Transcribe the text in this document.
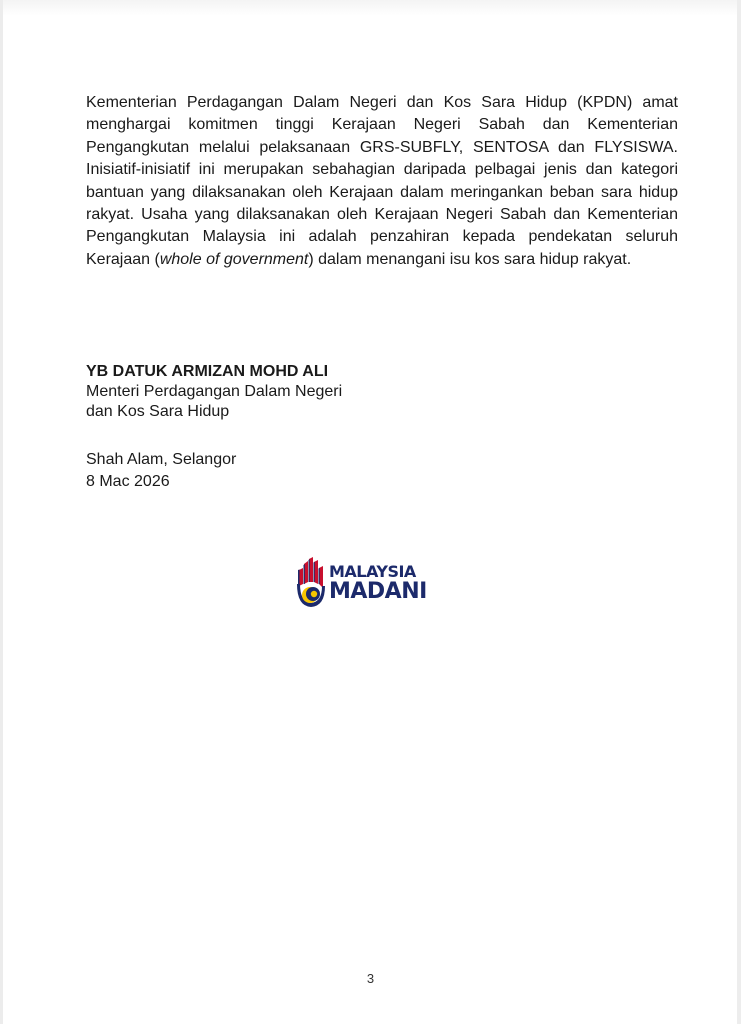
Kementerian Perdagangan Dalam Negeri dan Kos Sara Hidup (KPDN) amat menghargai komitmen tinggi Kerajaan Negeri Sabah dan Kementerian Pengangkutan melalui pelaksanaan GRS-SUBFLY, SENTOSA dan FLYSISWA. Inisiatif-inisiatif ini merupakan sebahagian daripada pelbagai jenis dan kategori bantuan yang dilaksanakan oleh Kerajaan dalam meringankan beban sara hidup rakyat. Usaha yang dilaksanakan oleh Kerajaan Negeri Sabah dan Kementerian Pengangkutan Malaysia ini adalah penzahiran kepada pendekatan seluruh Kerajaan (whole of government) dalam menangani isu kos sara hidup rakyat.

YB DATUK ARMIZAN MOHD ALI
Menteri Perdagangan Dalam Negeri
dan Kos Sara Hidup
Shah Alam, Selangor
8 Mac 2026
MALAYSIA
MADANI
3
